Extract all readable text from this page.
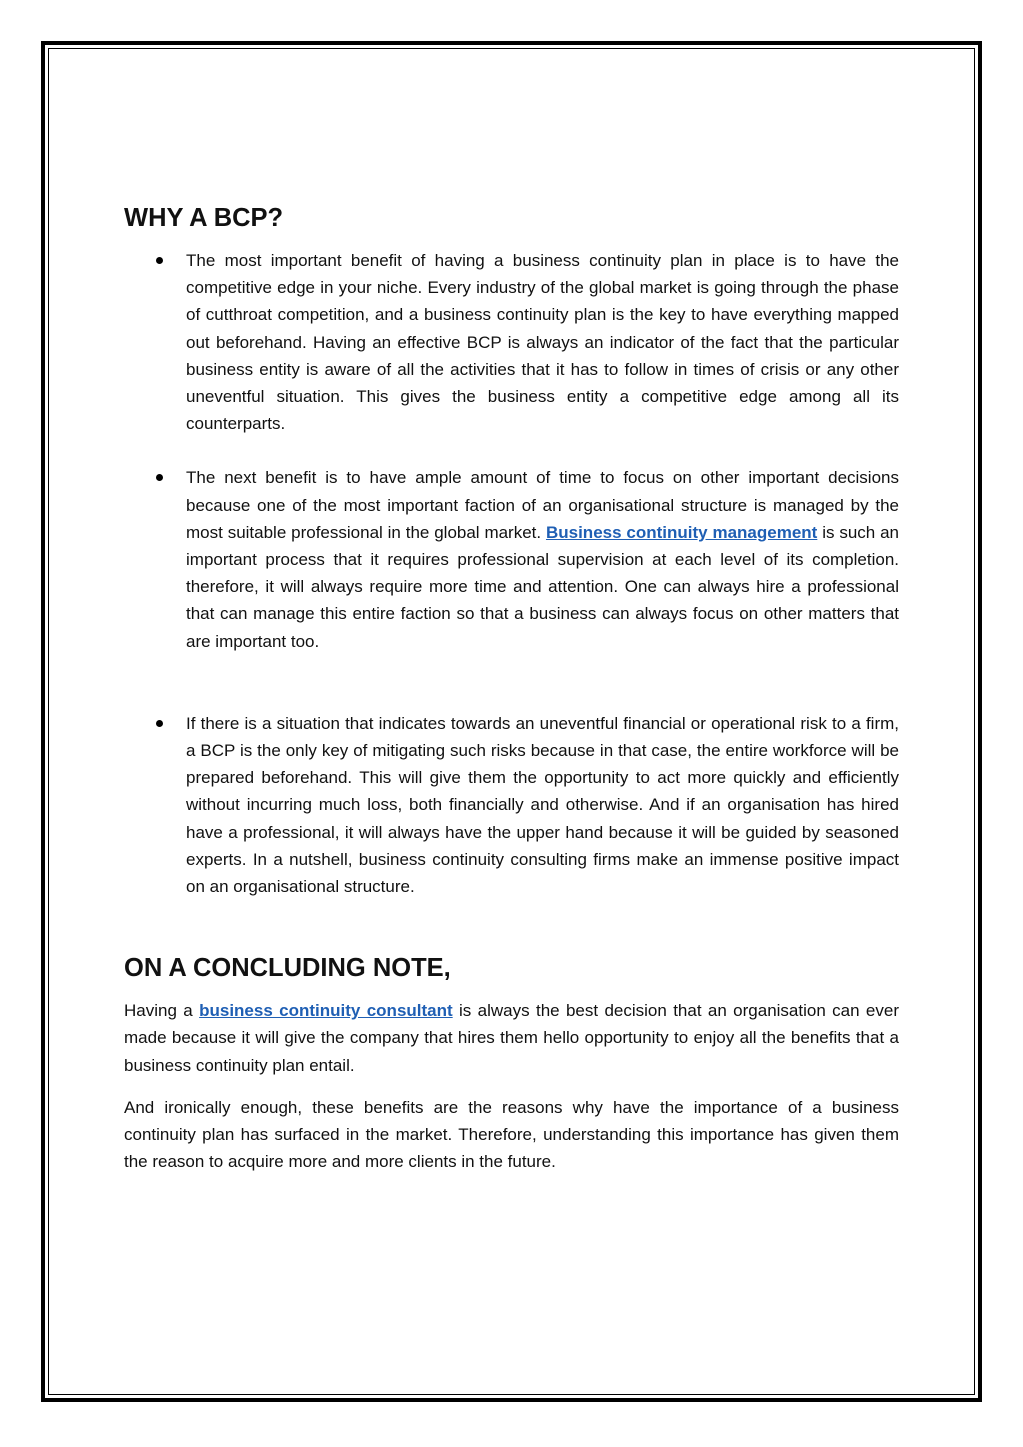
WHY A BCP?
The most important benefit of having a business continuity plan in place is to have the competitive edge in your niche. Every industry of the global market is going through the phase of cutthroat competition, and a business continuity plan is the key to have everything mapped out beforehand. Having an effective BCP is always an indicator of the fact that the particular business entity is aware of all the activities that it has to follow in times of crisis or any other uneventful situation. This gives the business entity a competitive edge among all its counterparts.
The next benefit is to have ample amount of time to focus on other important decisions because one of the most important faction of an organisational structure is managed by the most suitable professional in the global market. Business continuity management is such an important process that it requires professional supervision at each level of its completion. therefore, it will always require more time and attention. One can always hire a professional that can manage this entire faction so that a business can always focus on other matters that are important too.
If there is a situation that indicates towards an uneventful financial or operational risk to a firm, a BCP is the only key of mitigating such risks because in that case, the entire workforce will be prepared beforehand. This will give them the opportunity to act more quickly and efficiently without incurring much loss, both financially and otherwise. And if an organisation has hired have a professional, it will always have the upper hand because it will be guided by seasoned experts. In a nutshell, business continuity consulting firms make an immense positive impact on an organisational structure.
ON A CONCLUDING NOTE,

Having a business continuity consultant is always the best decision that an organisation can ever made because it will give the company that hires them hello opportunity to enjoy all the benefits that a business continuity plan entail.

And ironically enough, these benefits are the reasons why have the importance of a business continuity plan has surfaced in the market. Therefore, understanding this importance has given them the reason to acquire more and more clients in the future.
